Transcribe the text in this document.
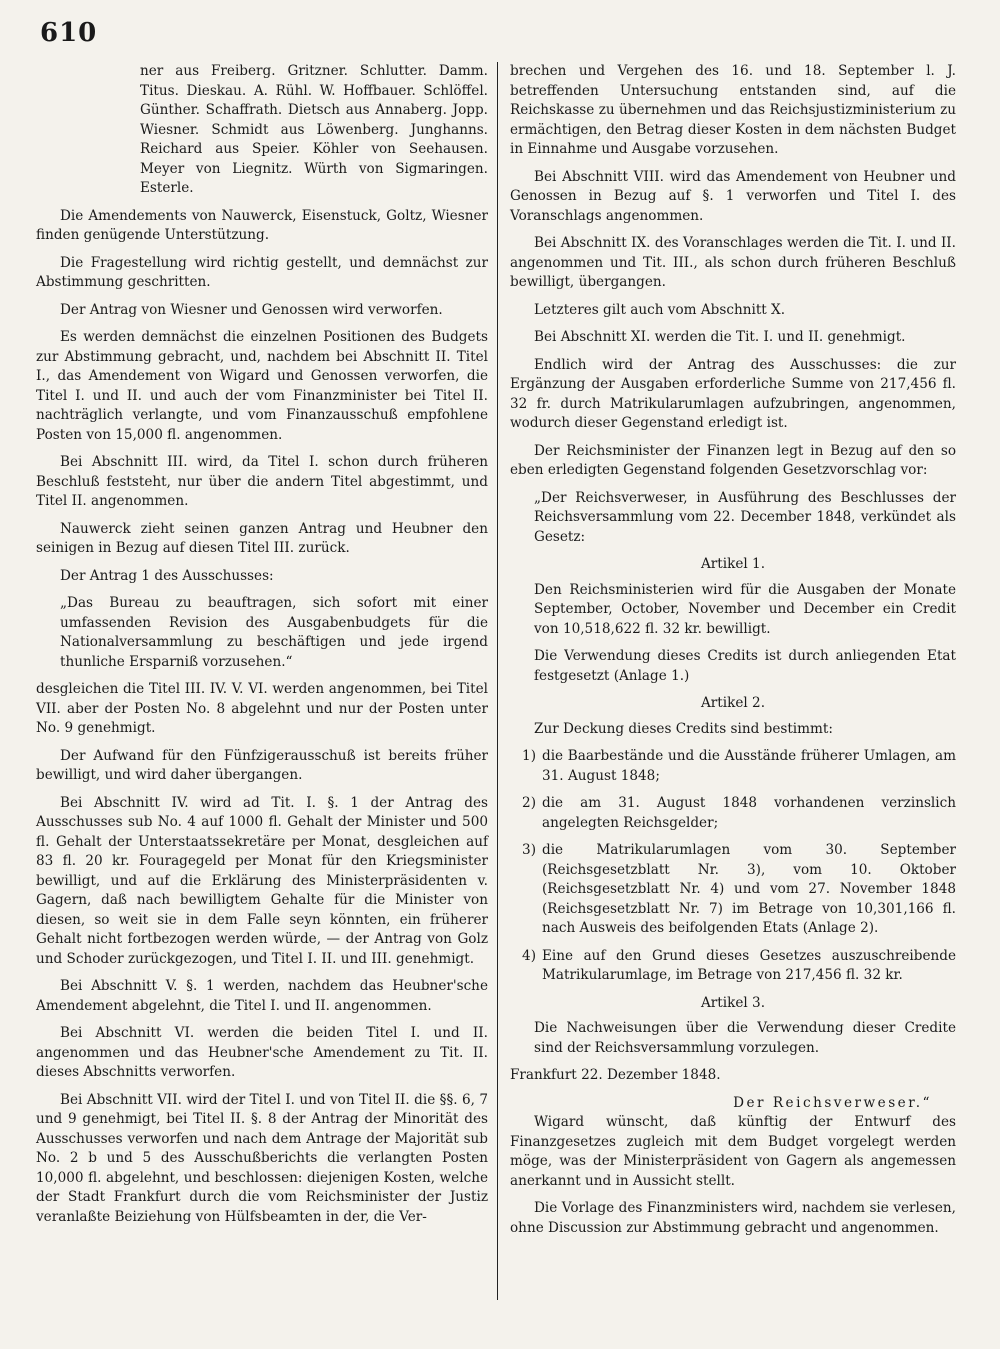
610
ner aus Freiberg. Gritzner. Schlutter. Damm. Titus. Dieskau. A. Rühl. W. Hoffbauer. Schlöffel. Günther. Schaffrath. Dietsch aus Annaberg. Jopp. Wiesner. Schmidt aus Löwenberg. Junghanns. Reichard aus Speier. Köhler von Seehausen. Meyer von Liegnitz. Würth von Sigmaringen. Esterle.

Die Amendements von Nauwerck, Eisenstuck, Goltz, Wiesner finden genügende Unterstützung.

Die Fragestellung wird richtig gestellt, und demnächst zur Abstimmung geschritten.

Der Antrag von Wiesner und Genossen wird verworfen.

Es werden demnächst die einzelnen Positionen des Budgets zur Abstimmung gebracht, und, nachdem bei Abschnitt II. Titel I., das Amendement von Wigard und Genossen verworfen, die Titel I. und II. und auch der vom Finanzminister bei Titel II. nachträglich verlangte, und vom Finanzausschuß empfohlene Posten von 15,000 fl. angenommen.

Bei Abschnitt III. wird, da Titel I. schon durch früheren Beschluß feststeht, nur über die andern Titel abgestimmt, und Titel II. angenommen.

Nauwerck zieht seinen ganzen Antrag und Heubner den seinigen in Bezug auf diesen Titel III. zurück.

Der Antrag 1 des Ausschusses:

„Das Bureau zu beauftragen, sich sofort mit einer umfassenden Revision des Ausgabenbudgets für die Nationalversammlung zu beschäftigen und jede irgend thunliche Ersparniß vorzusehen.“

desgleichen die Titel III. IV. V. VI. werden angenommen, bei Titel VII. aber der Posten No. 8 abgelehnt und nur der Posten unter No. 9 genehmigt.

Der Aufwand für den Fünfzigerausschuß ist bereits früher bewilligt, und wird daher übergangen.

Bei Abschnitt IV. wird ad Tit. I. §. 1 der Antrag des Ausschusses sub No. 4 auf 1000 fl. Gehalt der Minister und 500 fl. Gehalt der Unterstaatssekretäre per Monat, desgleichen auf 83 fl. 20 kr. Fouragegeld per Monat für den Kriegsminister bewilligt, und auf die Erklärung des Ministerpräsidenten v. Gagern, daß nach bewilligtem Gehalte für die Minister von diesen, so weit sie in dem Falle seyn könnten, ein früherer Gehalt nicht fortbezogen werden würde, — der Antrag von Golz und Schoder zurückgezogen, und Titel I. II. und III. genehmigt.

Bei Abschnitt V. §. 1 werden, nachdem das Heubner'sche Amendement abgelehnt, die Titel I. und II. angenommen.

Bei Abschnitt VI. werden die beiden Titel I. und II. angenommen und das Heubner'sche Amendement zu Tit. II. dieses Abschnitts verworfen.

Bei Abschnitt VII. wird der Titel I. und von Titel II. die §§. 6, 7 und 9 genehmigt, bei Titel II. §. 8 der Antrag der Minorität des Ausschusses verworfen und nach dem Antrage der Majorität sub No. 2 b und 5 des Ausschußberichts die verlangten Posten 10,000 fl. abgelehnt, und beschlossen: diejenigen Kosten, welche der Stadt Frankfurt durch die vom Reichsminister der Justiz veranlaßte Beiziehung von Hülfsbeamten in der, die Ver-

brechen und Vergehen des 16. und 18. September l. J. betreffenden Untersuchung entstanden sind, auf die Reichskasse zu übernehmen und das Reichsjustizministerium zu ermächtigen, den Betrag dieser Kosten in dem nächsten Budget in Einnahme und Ausgabe vorzusehen.

Bei Abschnitt VIII. wird das Amendement von Heubner und Genossen in Bezug auf §. 1 verworfen und Titel I. des Voranschlags angenommen.

Bei Abschnitt IX. des Voranschlages werden die Tit. I. und II. angenommen und Tit. III., als schon durch früheren Beschluß bewilligt, übergangen.

Letzteres gilt auch vom Abschnitt X.

Bei Abschnitt XI. werden die Tit. I. und II. genehmigt.

Endlich wird der Antrag des Ausschusses: die zur Ergänzung der Ausgaben erforderliche Summe von 217,456 fl. 32 fr. durch Matrikularumlagen aufzubringen, angenommen, wodurch dieser Gegenstand erledigt ist.

Der Reichsminister der Finanzen legt in Bezug auf den so eben erledigten Gegenstand folgenden Gesetzvorschlag vor:

„Der Reichsverweser, in Ausführung des Beschlusses der Reichsversammlung vom 22. December 1848, verkündet als Gesetz:
Artikel 1.
Den Reichsministerien wird für die Ausgaben der Monate September, October, November und December ein Credit von 10,518,622 fl. 32 kr. bewilligt.
Die Verwendung dieses Credits ist durch anliegenden Etat festgesetzt (Anlage 1.)
Artikel 2.
Zur Deckung dieses Credits sind bestimmt:
1) die Baarbestände und die Ausstände früherer Umlagen, am 31. August 1848;
2) die am 31. August 1848 vorhandenen verzinslich angelegten Reichsgelder;
3) die Matrikularumlagen vom 30. September (Reichsgesetzblatt Nr. 3), vom 10. Oktober (Reichsgesetzblatt Nr. 4) und vom 27. November 1848 (Reichsgesetzblatt Nr. 7) im Betrage von 10,301,166 fl. nach Ausweis des beifolgenden Etats (Anlage 2).
4) Eine auf den Grund dieses Gesetzes auszuschreibende Matrikularumlage, im Betrage von 217,456 fl. 32 kr.
Artikel 3.
Die Nachweisungen über die Verwendung dieser Credite sind der Reichsversammlung vorzulegen.

Frankfurt 22. Dezember 1848.

Der Reichsverweser.“

Wigard wünscht, daß künftig der Entwurf des Finanzgesetzes zugleich mit dem Budget vorgelegt werden möge, was der Ministerpräsident von Gagern als angemessen anerkannt und in Aussicht stellt.

Die Vorlage des Finanzministers wird, nachdem sie verlesen, ohne Discussion zur Abstimmung gebracht und angenommen.
